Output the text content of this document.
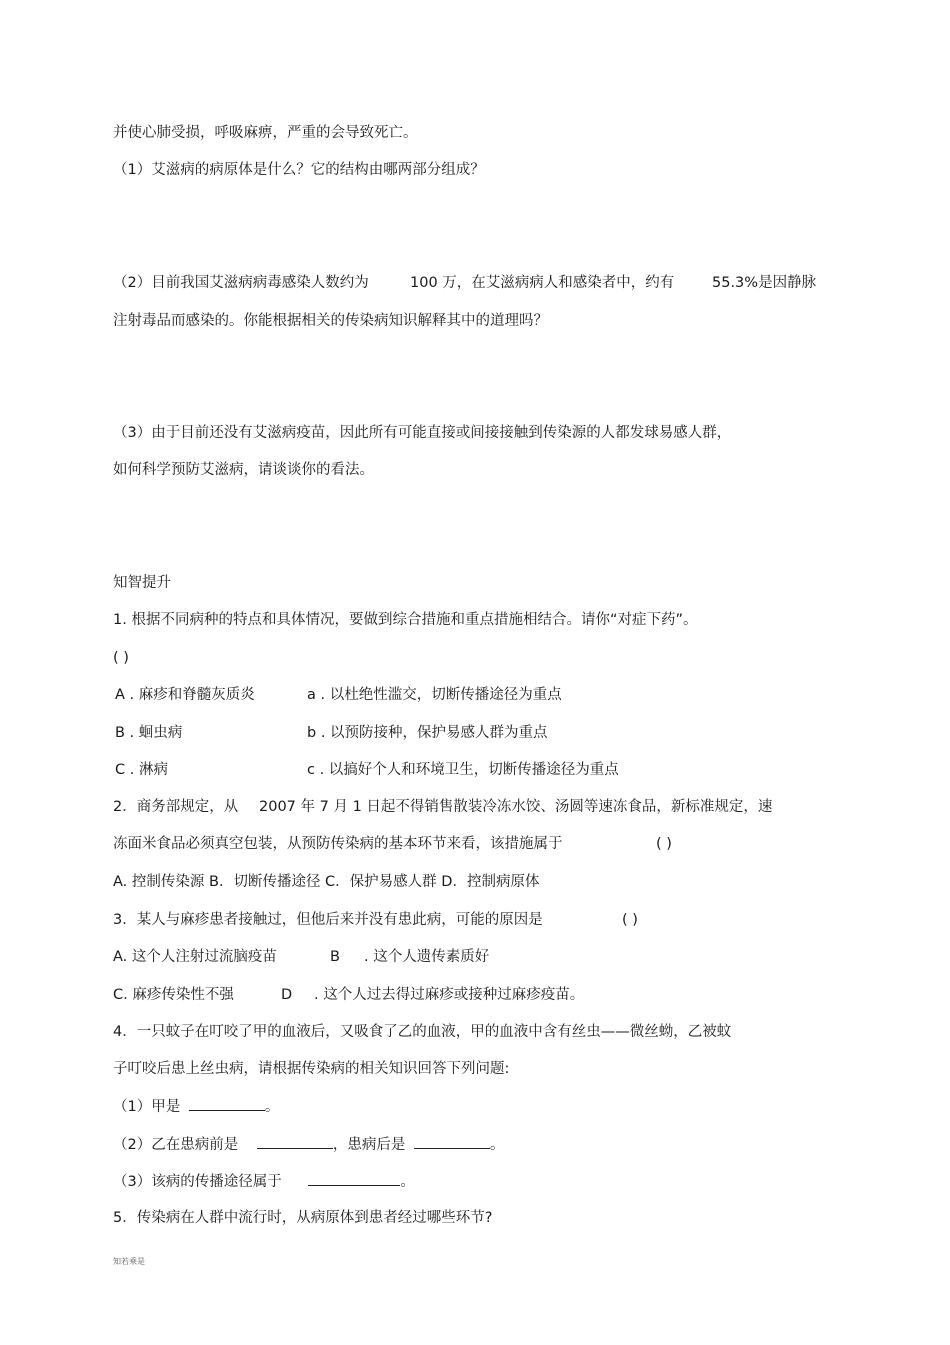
并使心肺受损，呼吸麻痹，严重的会导致死亡。
（1）艾滋病的病原体是什么？它的结构由哪两部分组成？
（2）目前我国艾滋病病毒感染人数约为	100 万，在艾滋病病人和感染者中，约有	55.3%是因静脉
注射毒品而感染的。你能根据相关的传染病知识解释其中的道理吗？
（3）由于目前还没有艾滋病疫苗，因此所有可能直接或间接接触到传染源的人都发球易感人群，
如何科学预防艾滋病，请谈谈你的看法。
知智提升
1. 根据不同病种的特点和具体情况，要做到综合措施和重点措施相结合。请你“对症下药”。
( )
A . 麻疹和脊髓灰质炎	a . 以杜绝性滥交，切断传播途径为重点
B . 蛔虫病	b . 以预防接种，保护易感人群为重点
C . 淋病	c . 以搞好个人和环境卫生，切断传播途径为重点
2．商务部规定，从 2007 年 7 月 1 日起不得销售散装冷冻水饺、汤圆等速冻食品，新标准规定，速
冻面米食品必须真空包装，从预防传染病的基本环节来看，该措施属于	( )
A. 控制传染源 B．切断传播途径 C．保护易感人群 D．控制病原体
3．某人与麻疹患者接触过，但他后来并没有患此病，可能的原因是	( )
A. 这个人注射过流脑疫苗	B . 这个人遗传素质好
C. 麻疹传染性不强	D . 这个人过去得过麻疹或接种过麻疹疫苗。
4．一只蚊子在叮咬了甲的血液后，又吸食了乙的血液，甲的血液中含有丝虫——微丝蚴，乙被蚊
子叮咬后患上丝虫病，请根据传染病的相关知识回答下列问题:
（1）甲是	。
（2）乙在患病前是	，患病后是	。
（3）该病的传播途径属于	。
5．传染病在人群中流行时，从病原体到患者经过哪些环节?
知若乘是
